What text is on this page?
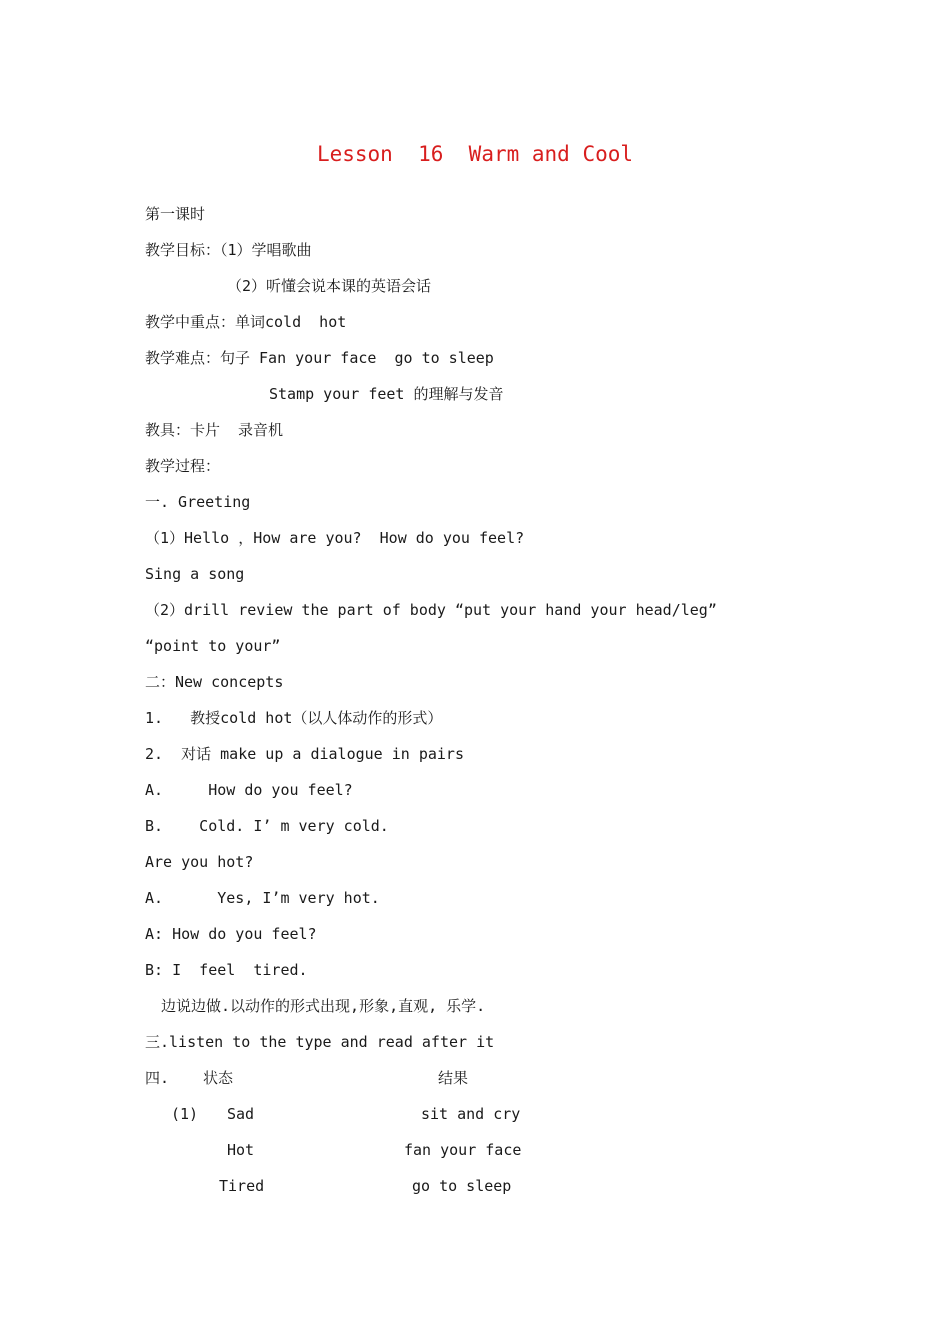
Lesson  16  Warm and Cool
第一课时
教学目标：（1）学唱歌曲
（2）听懂会说本课的英语会话
教学中重点：单词cold  hot
教学难点：句子 Fan your face  go to sleep
Stamp your feet 的理解与发音
教具：卡片  录音机
教学过程：
一. Greeting
（1）Hello ，How are you?  How do you feel?
Sing a song
（2）drill review the part of body “put your hand your head/leg”
“point to your”
二：New concepts
1.   教授cold hot（以人体动作的形式）
2.  对话 make up a dialogue in pairs
A.     How do you feel?
B.    Cold. I’ m very cold.
Are you hot?
A.      Yes, I’m very hot.
A: How do you feel?
B: I  feel  tired.
边说边做.以动作的形式出现,形象,直观, 乐学.
三.listen to the type and read after it
四. 状态	结果
(1) Sad	sit and cry
Hot	fan your face
Tired	go to sleep
